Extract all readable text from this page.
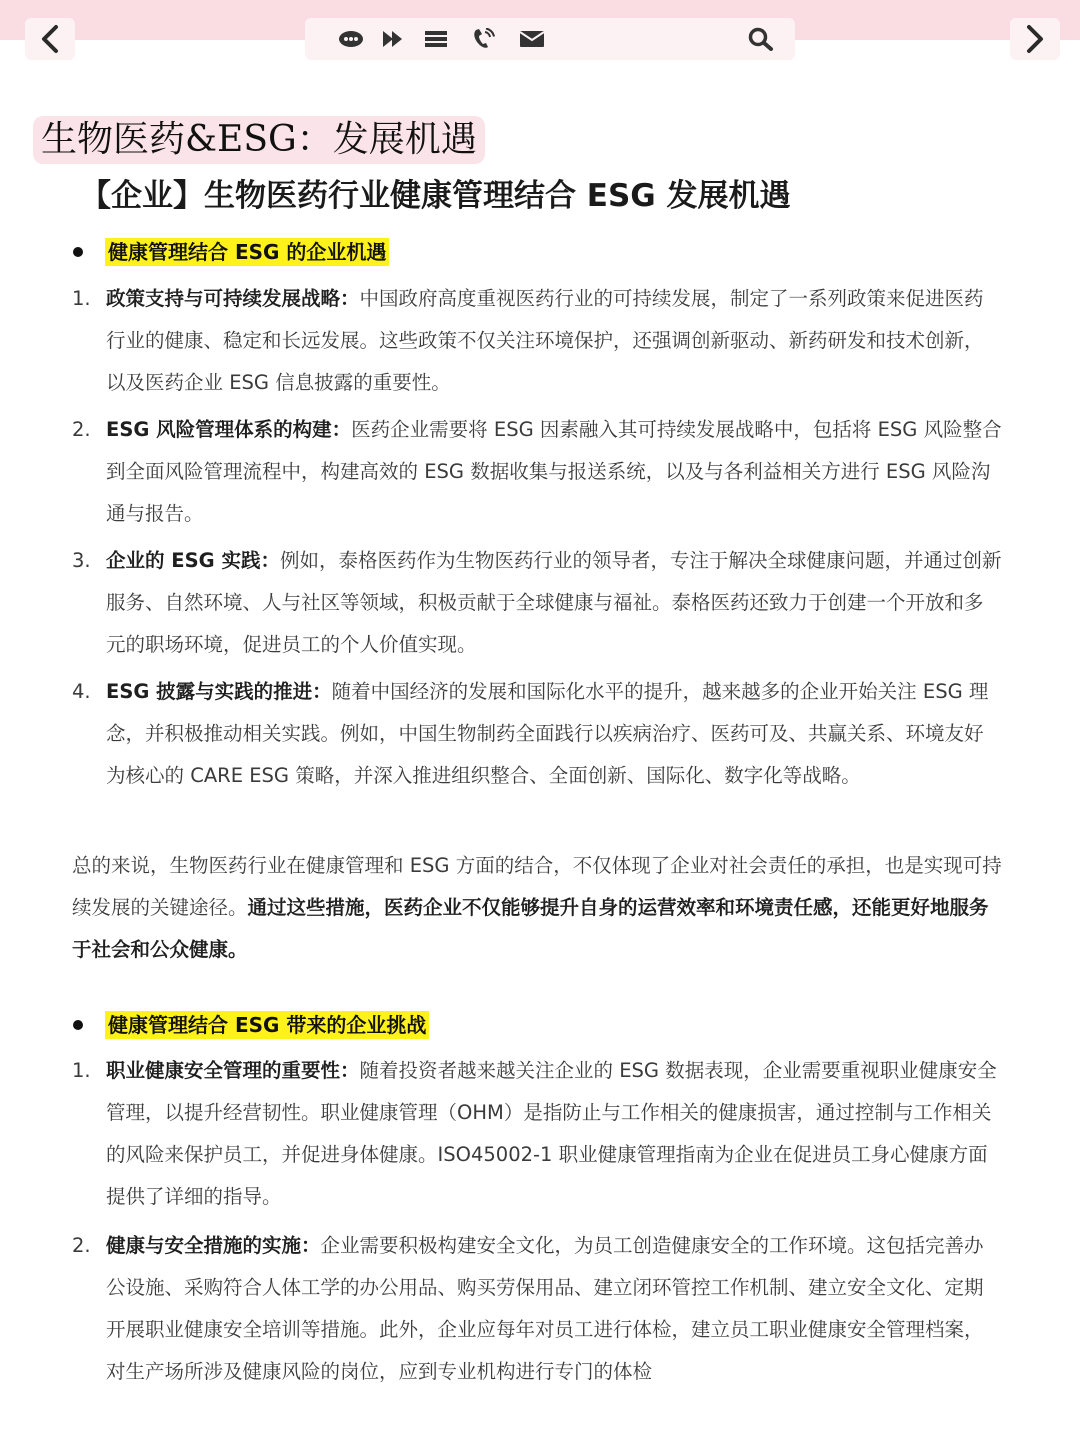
生物医药&ESG：发展机遇
【企业】生物医药行业健康管理结合 ESG 发展机遇
健康管理结合 ESG 的企业机遇
1. 政策支持与可持续发展战略：中国政府高度重视医药行业的可持续发展，制定了一系列政策来促进医药行业的健康、稳定和长远发展。这些政策不仅关注环境保护，还强调创新驱动、新药研发和技术创新，以及医药企业 ESG 信息披露的重要性。
2. ESG 风险管理体系的构建：医药企业需要将 ESG 因素融入其可持续发展战略中，包括将 ESG 风险整合到全面风险管理流程中，构建高效的 ESG 数据收集与报送系统，以及与各利益相关方进行 ESG 风险沟通与报告。
3. 企业的 ESG 实践：例如，泰格医药作为生物医药行业的领导者，专注于解决全球健康问题，并通过创新服务、自然环境、人与社区等领域，积极贡献于全球健康与福祉。泰格医药还致力于创建一个开放和多元的职场环境，促进员工的个人价值实现。
4. ESG 披露与实践的推进：随着中国经济的发展和国际化水平的提升，越来越多的企业开始关注 ESG 理念，并积极推动相关实践。例如，中国生物制药全面践行以疾病治疗、医药可及、共赢关系、环境友好为核心的 CARE ESG 策略，并深入推进组织整合、全面创新、国际化、数字化等战略。
总的来说，生物医药行业在健康管理和 ESG 方面的结合，不仅体现了企业对社会责任的承担，也是实现可持续发展的关键途径。通过这些措施，医药企业不仅能够提升自身的运营效率和环境责任感，还能更好地服务于社会和公众健康。
健康管理结合 ESG 带来的企业挑战
1. 职业健康安全管理的重要性：随着投资者越来越关注企业的 ESG 数据表现，企业需要重视职业健康安全管理，以提升经营韧性。职业健康管理（OHM）是指防止与工作相关的健康损害，通过控制与工作相关的风险来保护员工，并促进身体健康。ISO45002-1 职业健康管理指南为企业在促进员工身心健康方面提供了详细的指导。
2. 健康与安全措施的实施：企业需要积极构建安全文化，为员工创造健康安全的工作环境。这包括完善办公设施、采购符合人体工学的办公用品、购买劳保用品、建立闭环管控工作机制、建立安全文化、定期开展职业健康安全培训等措施。此外，企业应每年对员工进行体检，建立员工职业健康安全管理档案，对生产场所涉及健康风险的岗位，应到专业机构进行专门的体检
